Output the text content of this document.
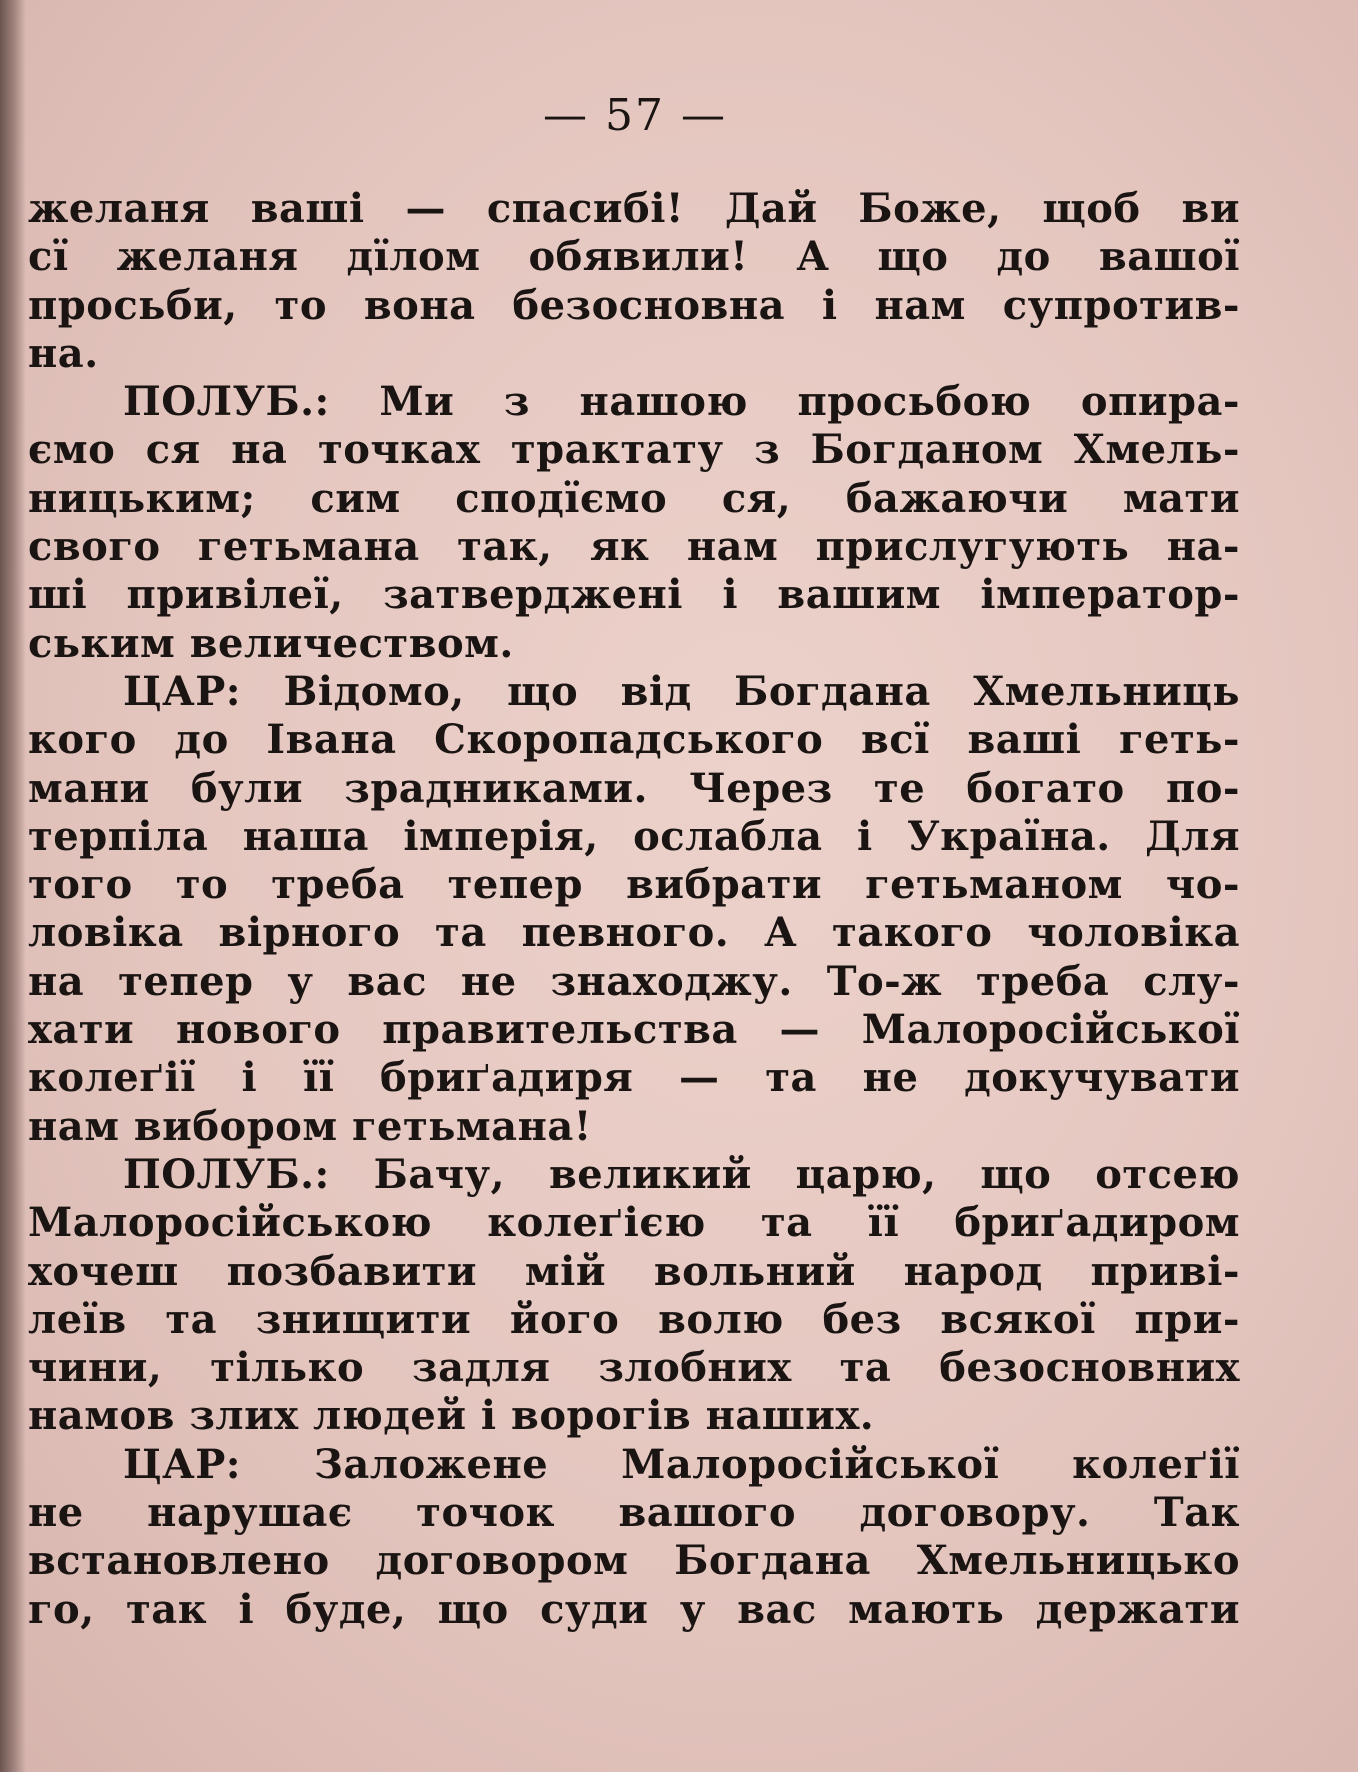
— 57 —
желаня ваші — спасибі! Дай Боже, щоб ви
сї желаня дїлом обявили! А що до вашої
просьби, то вона безосновна і нам супротив-
на.
ПОЛУБ.: Ми з нашою просьбою опира-
ємо ся на точках трактату з Богданом Хмель-
ницьким; сим сподїємо ся, бажаючи мати
свого гетьмана так, як нам прислугують на-
ші привілеї, затверджені і вашим імператор-
ським величеством.
ЦАР: Відомо, що від Богдана Хмельниць
кого до Івана Скоропадського всї ваші геть-
мани були зрадниками. Через те богато по-
терпіла наша імперія, ослабла і Україна. Для
того то треба тепер вибрати гетьманом чо-
ловіка вірного та певного. А такого чоловіка
на тепер у вас не знаходжу. То-ж треба слу-
хати нового правительства — Малоросійської
колеґії і її бриґадиря — та не докучувати
нам вибором гетьмана!
ПОЛУБ.: Бачу, великий царю, що отсею
Малоросійською колеґією та її бриґадиром
хочеш позбавити мій вольний народ приві-
леїв та знищити його волю без всякої при-
чини, тілько задля злобних та безосновних
намов злих людей і ворогів наших.
ЦАР: Заложене Малоросійської колеґії
не нарушає точок вашого договору. Так
встановлено договором Богдана Хмельницько
го, так і буде, що суди у вас мають держати
